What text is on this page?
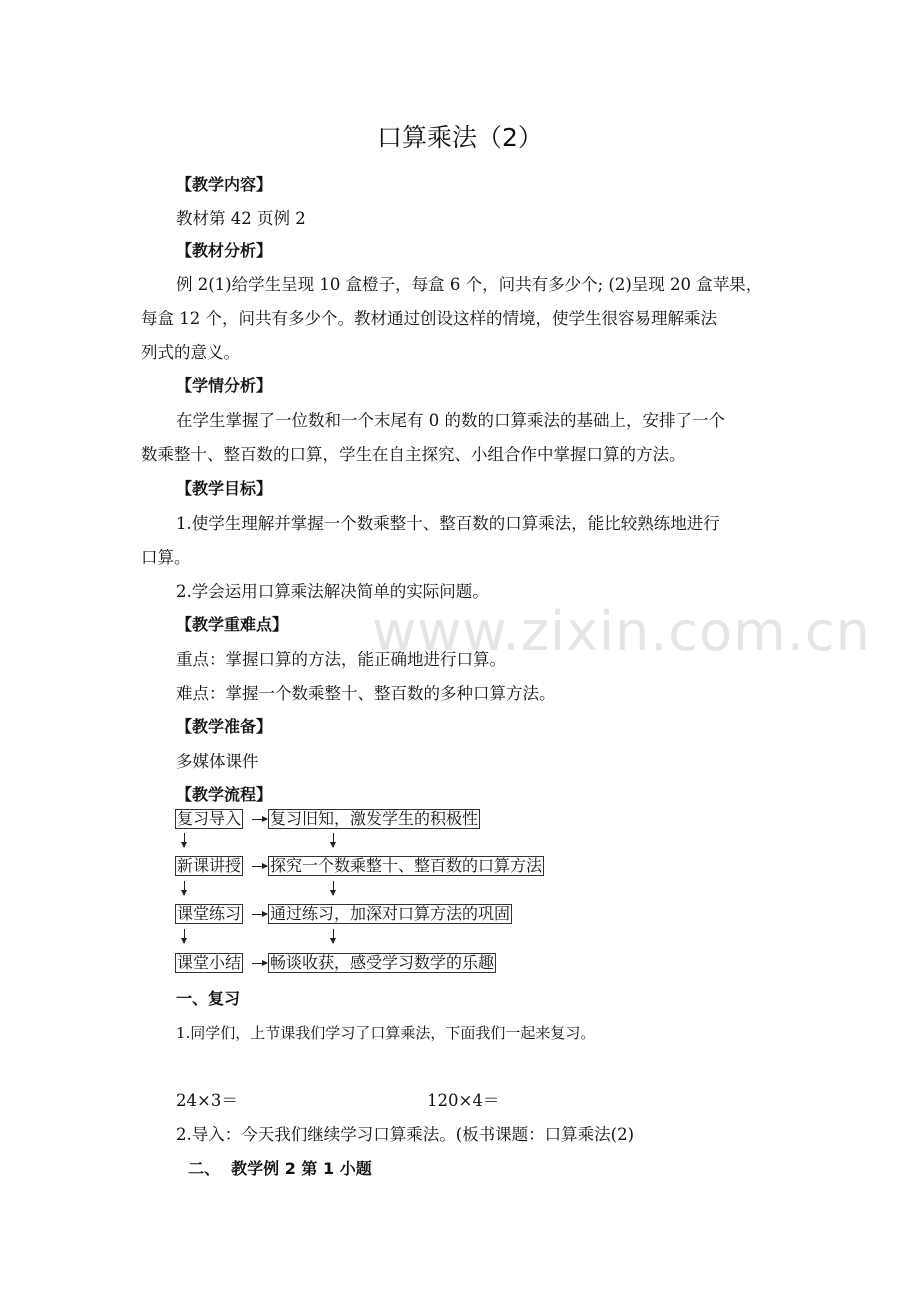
www.zixin.com.cn
口算乘法（2）
【教学内容】
教材第 42 页例 2
【教材分析】
例 2(1)给学生呈现 10 盒橙子，每盒 6 个，问共有多少个; (2)呈现 20 盒苹果，
每盒 12 个，问共有多少个。教材通过创设这样的情境，使学生很容易理解乘法
列式的意义。
【学情分析】
在学生掌握了一位数和一个末尾有 0 的数的口算乘法的基础上，安排了一个
数乘整十、整百数的口算，学生在自主探究、小组合作中掌握口算的方法。
【教学目标】
1.使学生理解并掌握一个数乘整十、整百数的口算乘法，能比较熟练地进行
口算。
2.学会运用口算乘法解决简单的实际问题。
【教学重难点】
重点：掌握口算的方法，能正确地进行口算。
难点：掌握一个数乘整十、整百数的多种口算方法。
【教学准备】
多媒体课件
【教学流程】
复习导入 复习旧知，激发学生的积极性
新课讲授 探究一个数乘整十、整百数的口算方法
课堂练习 通过练习，加深对口算方法的巩固
课堂小结 畅谈收获，感受学习数学的乐趣
一、复习
1.同学们，上节课我们学习了口算乘法，下面我们一起来复习。
24×3＝	120×4＝
2.导入：今天我们继续学习口算乘法。(板书课题：口算乘法(2)
二、  教学例 2 第 1 小题
